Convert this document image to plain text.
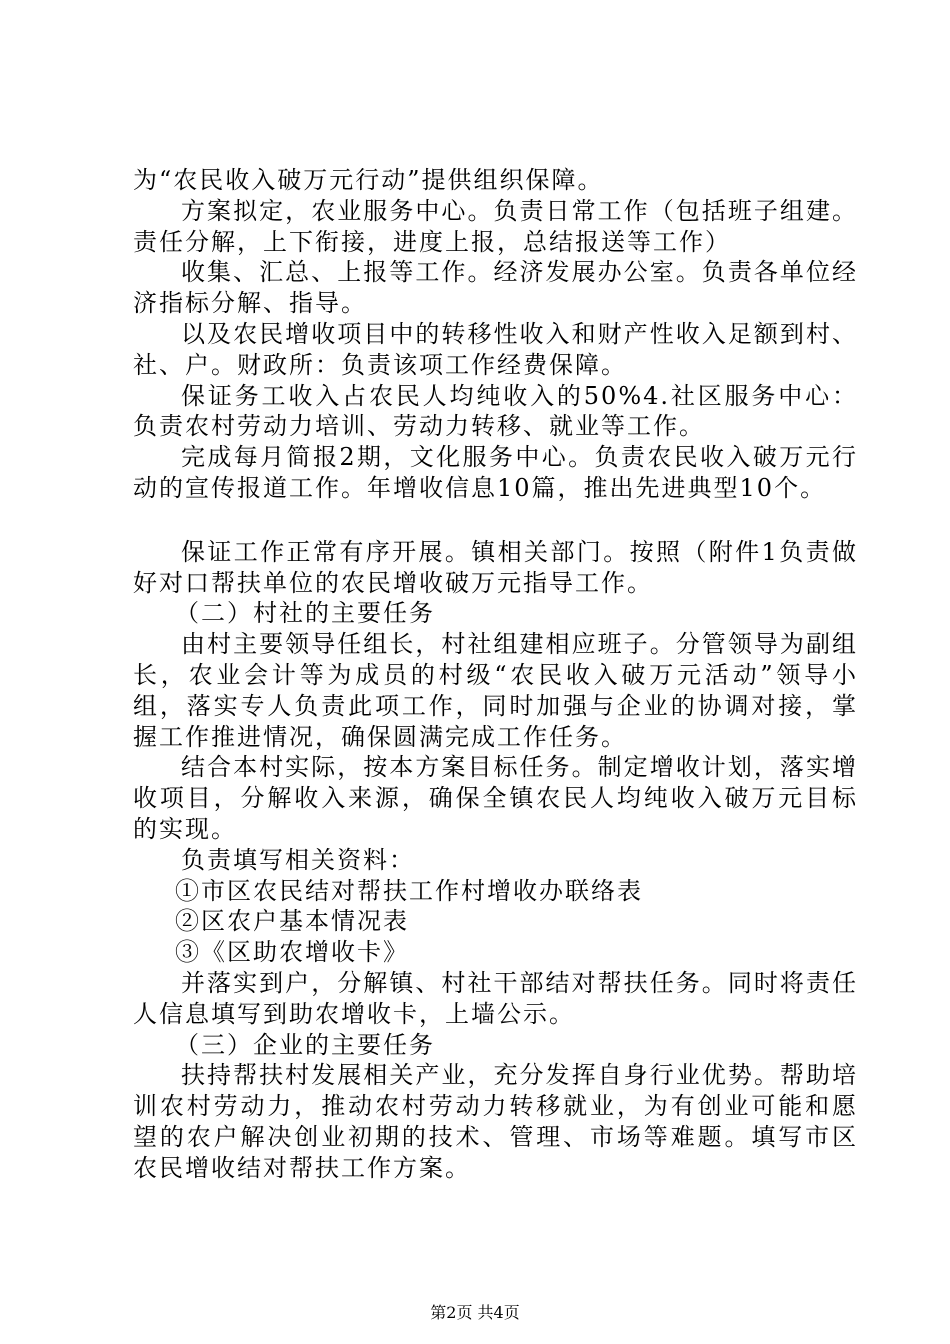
为“农民收入破万元行动”提供组织保障。

方案拟定，农业服务中心。负责日常工作（包括班子组建。责任分解，上下衔接，进度上报，总结报送等工作）

收集、汇总、上报等工作。经济发展办公室。负责各单位经济指标分解、指导。

以及农民增收项目中的转移性收入和财产性收入足额到村、社、户。财政所：负责该项工作经费保障。

保证务工收入占农民人均纯收入的50%4.社区服务中心：负责农村劳动力培训、劳动力转移、就业等工作。

完成每月简报2期，文化服务中心。负责农民收入破万元行动的宣传报道工作。年增收信息10篇，推出先进典型10个。

保证工作正常有序开展。镇相关部门。按照（附件1负责做好对口帮扶单位的农民增收破万元指导工作。

（二）村社的主要任务

由村主要领导任组长，村社组建相应班子。分管领导为副组长，农业会计等为成员的村级“农民收入破万元活动”领导小组，落实专人负责此项工作，同时加强与企业的协调对接，掌握工作推进情况，确保圆满完成工作任务。

结合本村实际，按本方案目标任务。制定增收计划，落实增收项目，分解收入来源，确保全镇农民人均纯收入破万元目标的实现。

负责填写相关资料：

①市区农民结对帮扶工作村增收办联络表

②区农户基本情况表

③《区助农增收卡》

并落实到户，分解镇、村社干部结对帮扶任务。同时将责任人信息填写到助农增收卡，上墙公示。

（三）企业的主要任务

扶持帮扶村发展相关产业，充分发挥自身行业优势。帮助培训农村劳动力，推动农村劳动力转移就业，为有创业可能和愿望的农户解决创业初期的技术、管理、市场等难题。填写市区农民增收结对帮扶工作方案。

第2页 共4页
